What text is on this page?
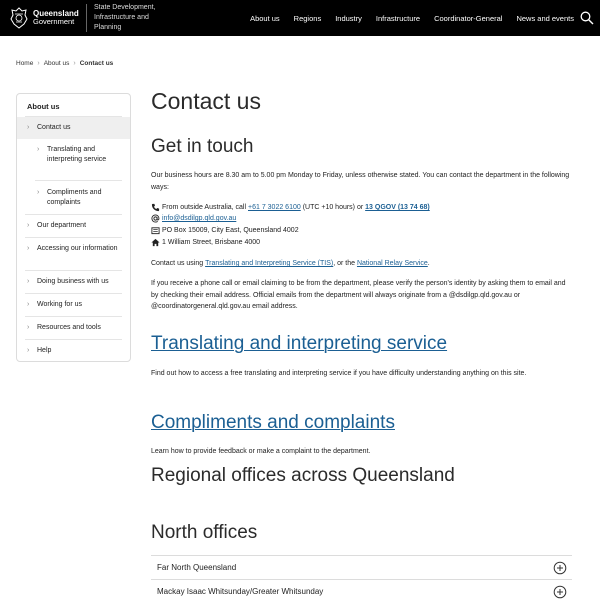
Queensland
Government
State Development,
Infrastructure and
Planning
About us Regions Industry Infrastructure Coordinator-General News and events
Home › About us › Contact us
About us
› Contact us
› Translating and interpreting service
› Compliments and complaints
› Our department
› Accessing our information
› Doing business with us
› Working for us
› Resources and tools
› Help
Contact us
Get in touch

Our business hours are 8.30 am to 5.00 pm Monday to Friday, unless otherwise stated. You can contact the department in the following ways:

From outside Australia, call
+61 7 3022 6100 (UTC +10 hours) or 13 QGOV (13 74 68)
info@dsdilgp.qld.gov.au
PO Box 15009, City East, Queensland 4002
1 William Street, Brisbane 4000
Contact us using Translating and Interpreting Service (TIS) , or the National Relay Service .

If you receive a phone call or email claiming to be from the department, please verify the person's identity by asking them to email and by checking their email address. Official emails from the department will always originate from a @dsdilgp.qld.gov.au or @coordinatorgeneral.qld.gov.au email address.

Translating and interpreting service

Find out how to access a free translating and interpreting service if you have difficulty understanding anything on this site.

Compliments and complaints

Learn how to provide feedback or make a complaint to the department.

Regional offices across Queensland
North offices
Far North Queensland
Mackay Isaac Whitsunday/Greater Whitsunday
